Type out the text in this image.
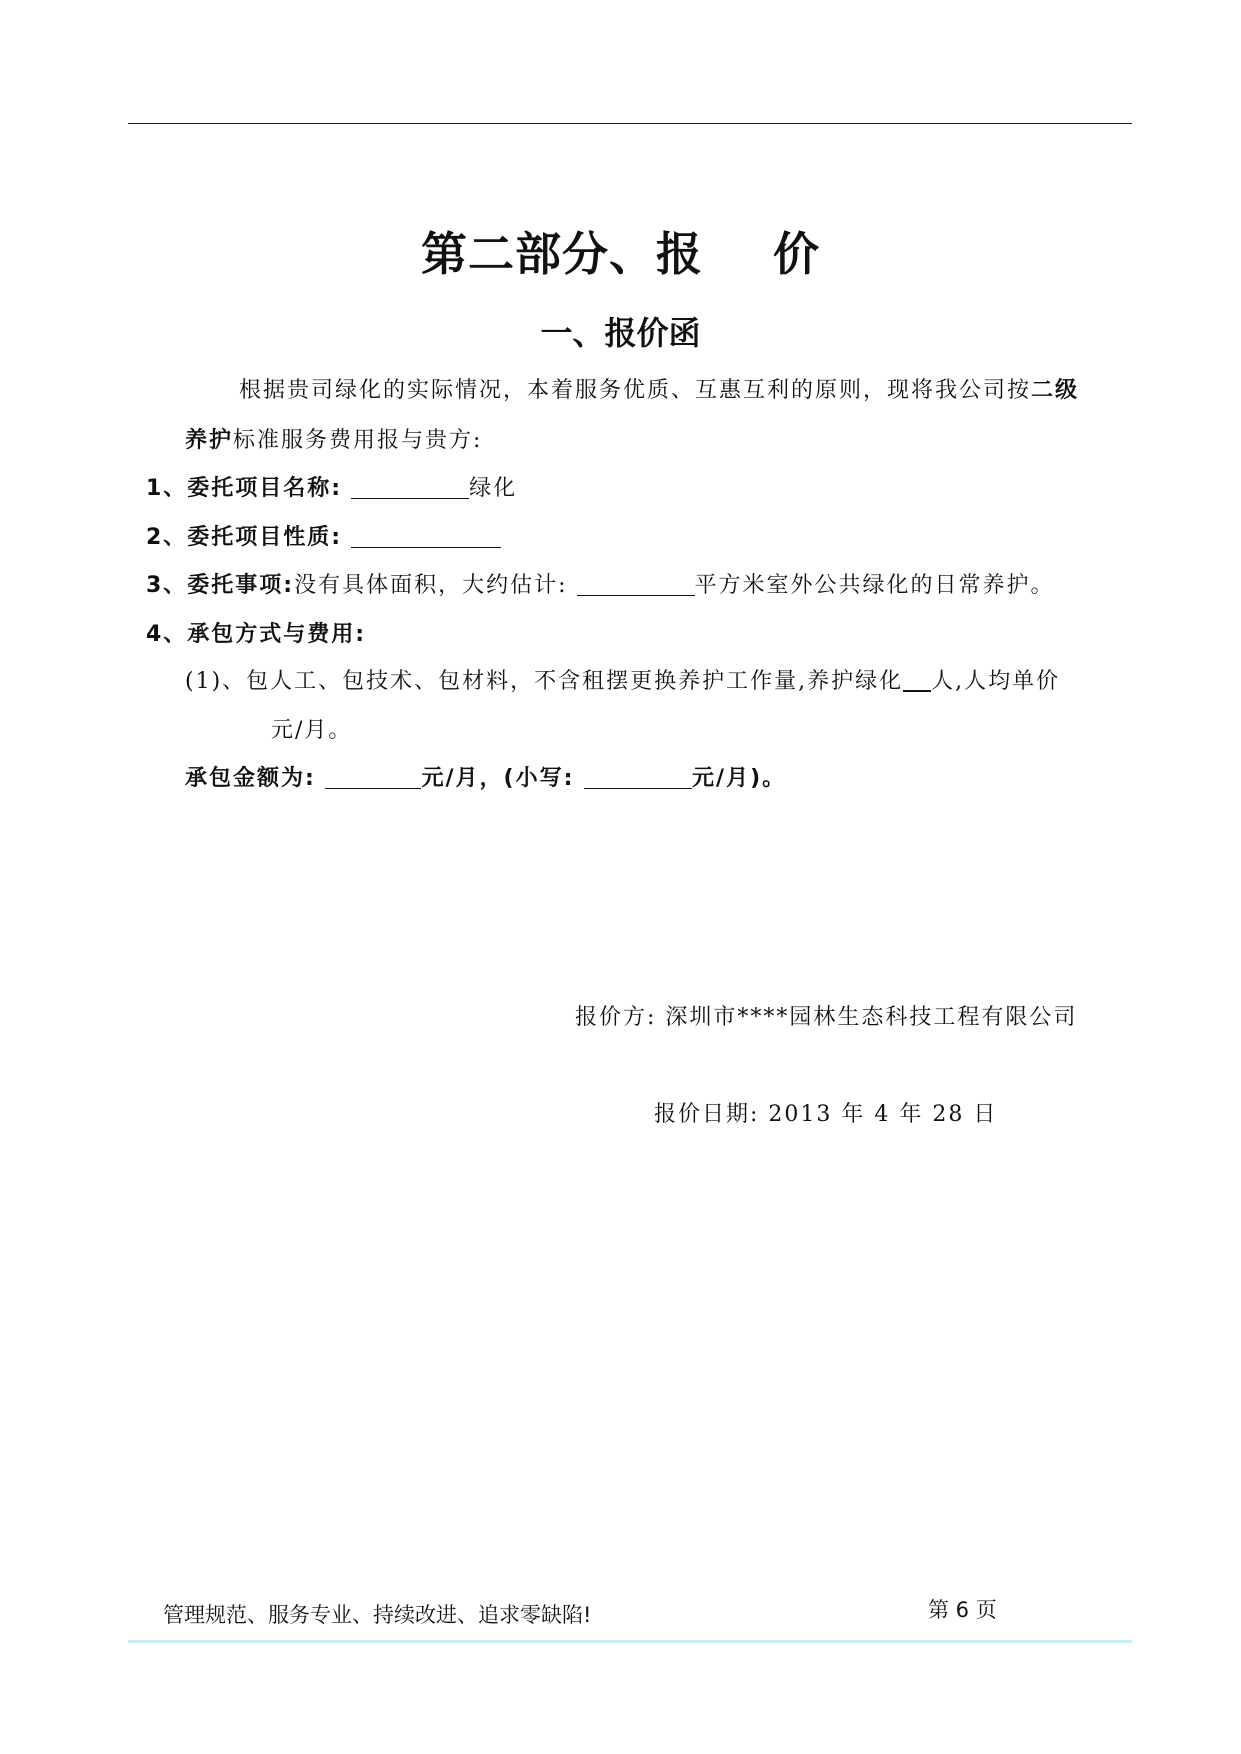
第二部分、报 价
一、报价函
根据贵司绿化的实际情况，本着服务优质、互惠互利的原则，现将我公司按二级
养护标准服务费用报与贵方:
1、委托项目名称:	绿化
2、委托项目性质:
3、委托事项:没有具体面积，大约估计:	平方米室外公共绿化的日常养护。
4、承包方式与费用:
(1)、包人工、包技术、包材料，不含租摆更换养护工作量,养护绿化 人,人均单价
元/月。
承包金额为:	元/月，(小写:	元/月)。
报价方: 深圳市****园林生态科技工程有限公司
报价日期: 2013 年 4 年 28 日
管理规范、服务专业、持续改进、追求零缺陷!	第 6 页
